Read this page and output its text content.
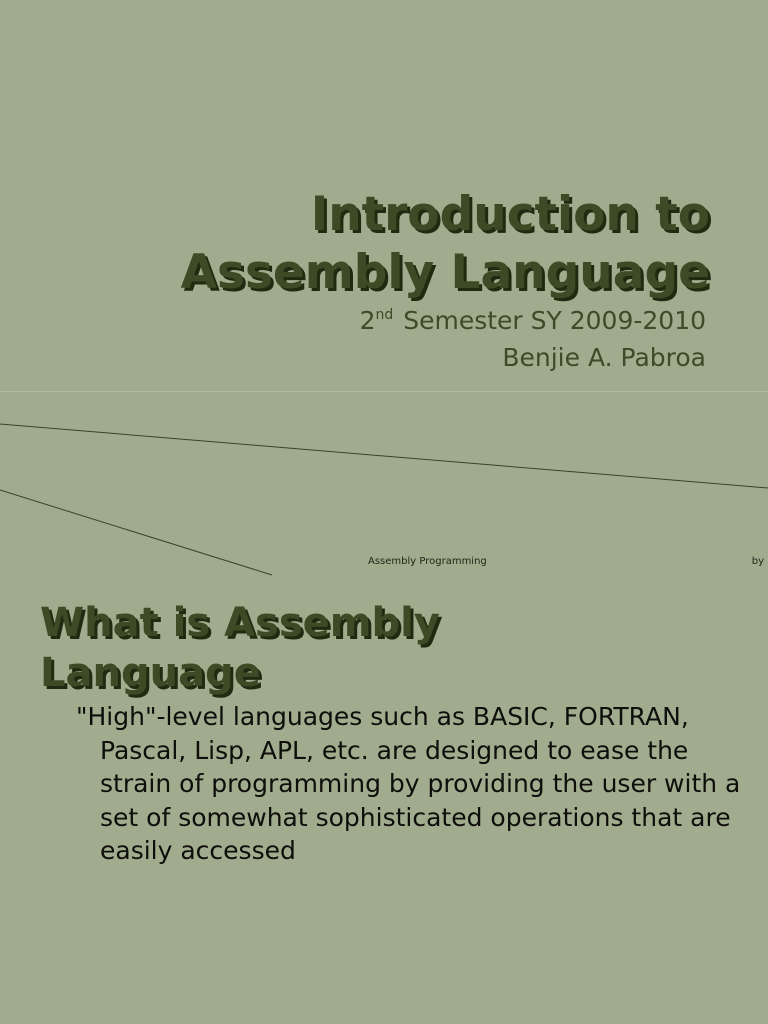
Introduction to
Assembly Language
2nd Semester SY 2009-2010
Benjie A. Pabroa
Assembly Programming	by
What is Assembly
Language

"High"-level languages such as BASIC, FORTRAN, Pascal, Lisp, APL, etc. are designed to ease the strain of programming by providing the user with a set of somewhat sophisticated operations that are easily accessed
